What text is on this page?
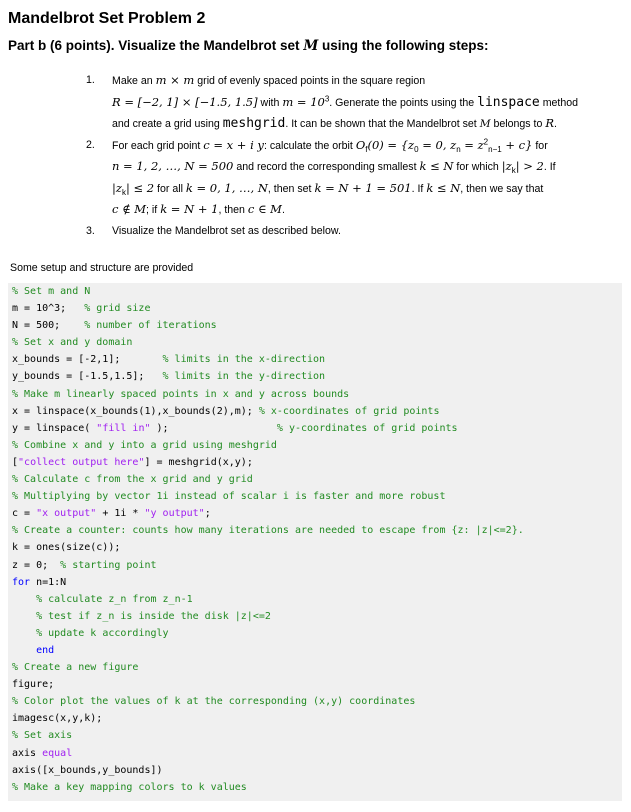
Mandelbrot Set Problem 2

Part b (6 points). Visualize the Mandelbrot set M using the following steps:

1. Make an m × m grid of evenly spaced points in the square region
R = [−2, 1] × [−1.5, 1.5] with $m = 10^3$. Generate the points using the linspace method
and create a grid using meshgrid. It can be shown that the Mandelbrot set M belongs to R.
2. For each grid point c = x + i y: calculate the orbit $O_f(0) = \{z_0 = 0$, $z_n = z^2_{n-1} + c$} for
n = 1, 2, …, N = 500 and record the corresponding smallest k ≤ N for which $|z_k| > 2$. If
$|z_k| \le 2$ for all k = 0, 1, …, N, then set k = N + 1 = 501. If k ≤ N, then we say that
c ∉ M; if k = N + 1, then c ∈ M.
3. Visualize the Mandelbrot set as described below.

Some setup and structure are provided

% Set m and N
m = 10^3;   % grid size
N = 500;    % number of iterations
% Set x and y domain
x_bounds = [-2,1];       % limits in the x-direction
y_bounds = [-1.5,1.5];   % limits in the y-direction
% Make m linearly spaced points in x and y across bounds
x = linspace(x_bounds(1),x_bounds(2),m); % x-coordinates of grid points
y = linspace( "fill in" );                  % y-coordinates of grid points
% Combine x and y into a grid using meshgrid
["collect output here"] = meshgrid(x,y);
% Calculate c from the x grid and y grid
% Multiplying by vector 1i instead of scalar i is faster and more robust
c = "x output" + 1i * "y output";
% Create a counter: counts how many iterations are needed to escape from {z: |z|<=2}.
k = ones(size(c));
z = 0;  % starting point
for n=1:N
% calculate z_n from z_n-1
% test if z_n is inside the disk |z|<=2
% update k accordingly
end
% Create a new figure
figure;
% Color plot the values of k at the corresponding (x,y) coordinates
imagesc(x,y,k);
% Set axis
axis equal
axis([x_bounds,y_bounds])
% Make a key mapping colors to k values
